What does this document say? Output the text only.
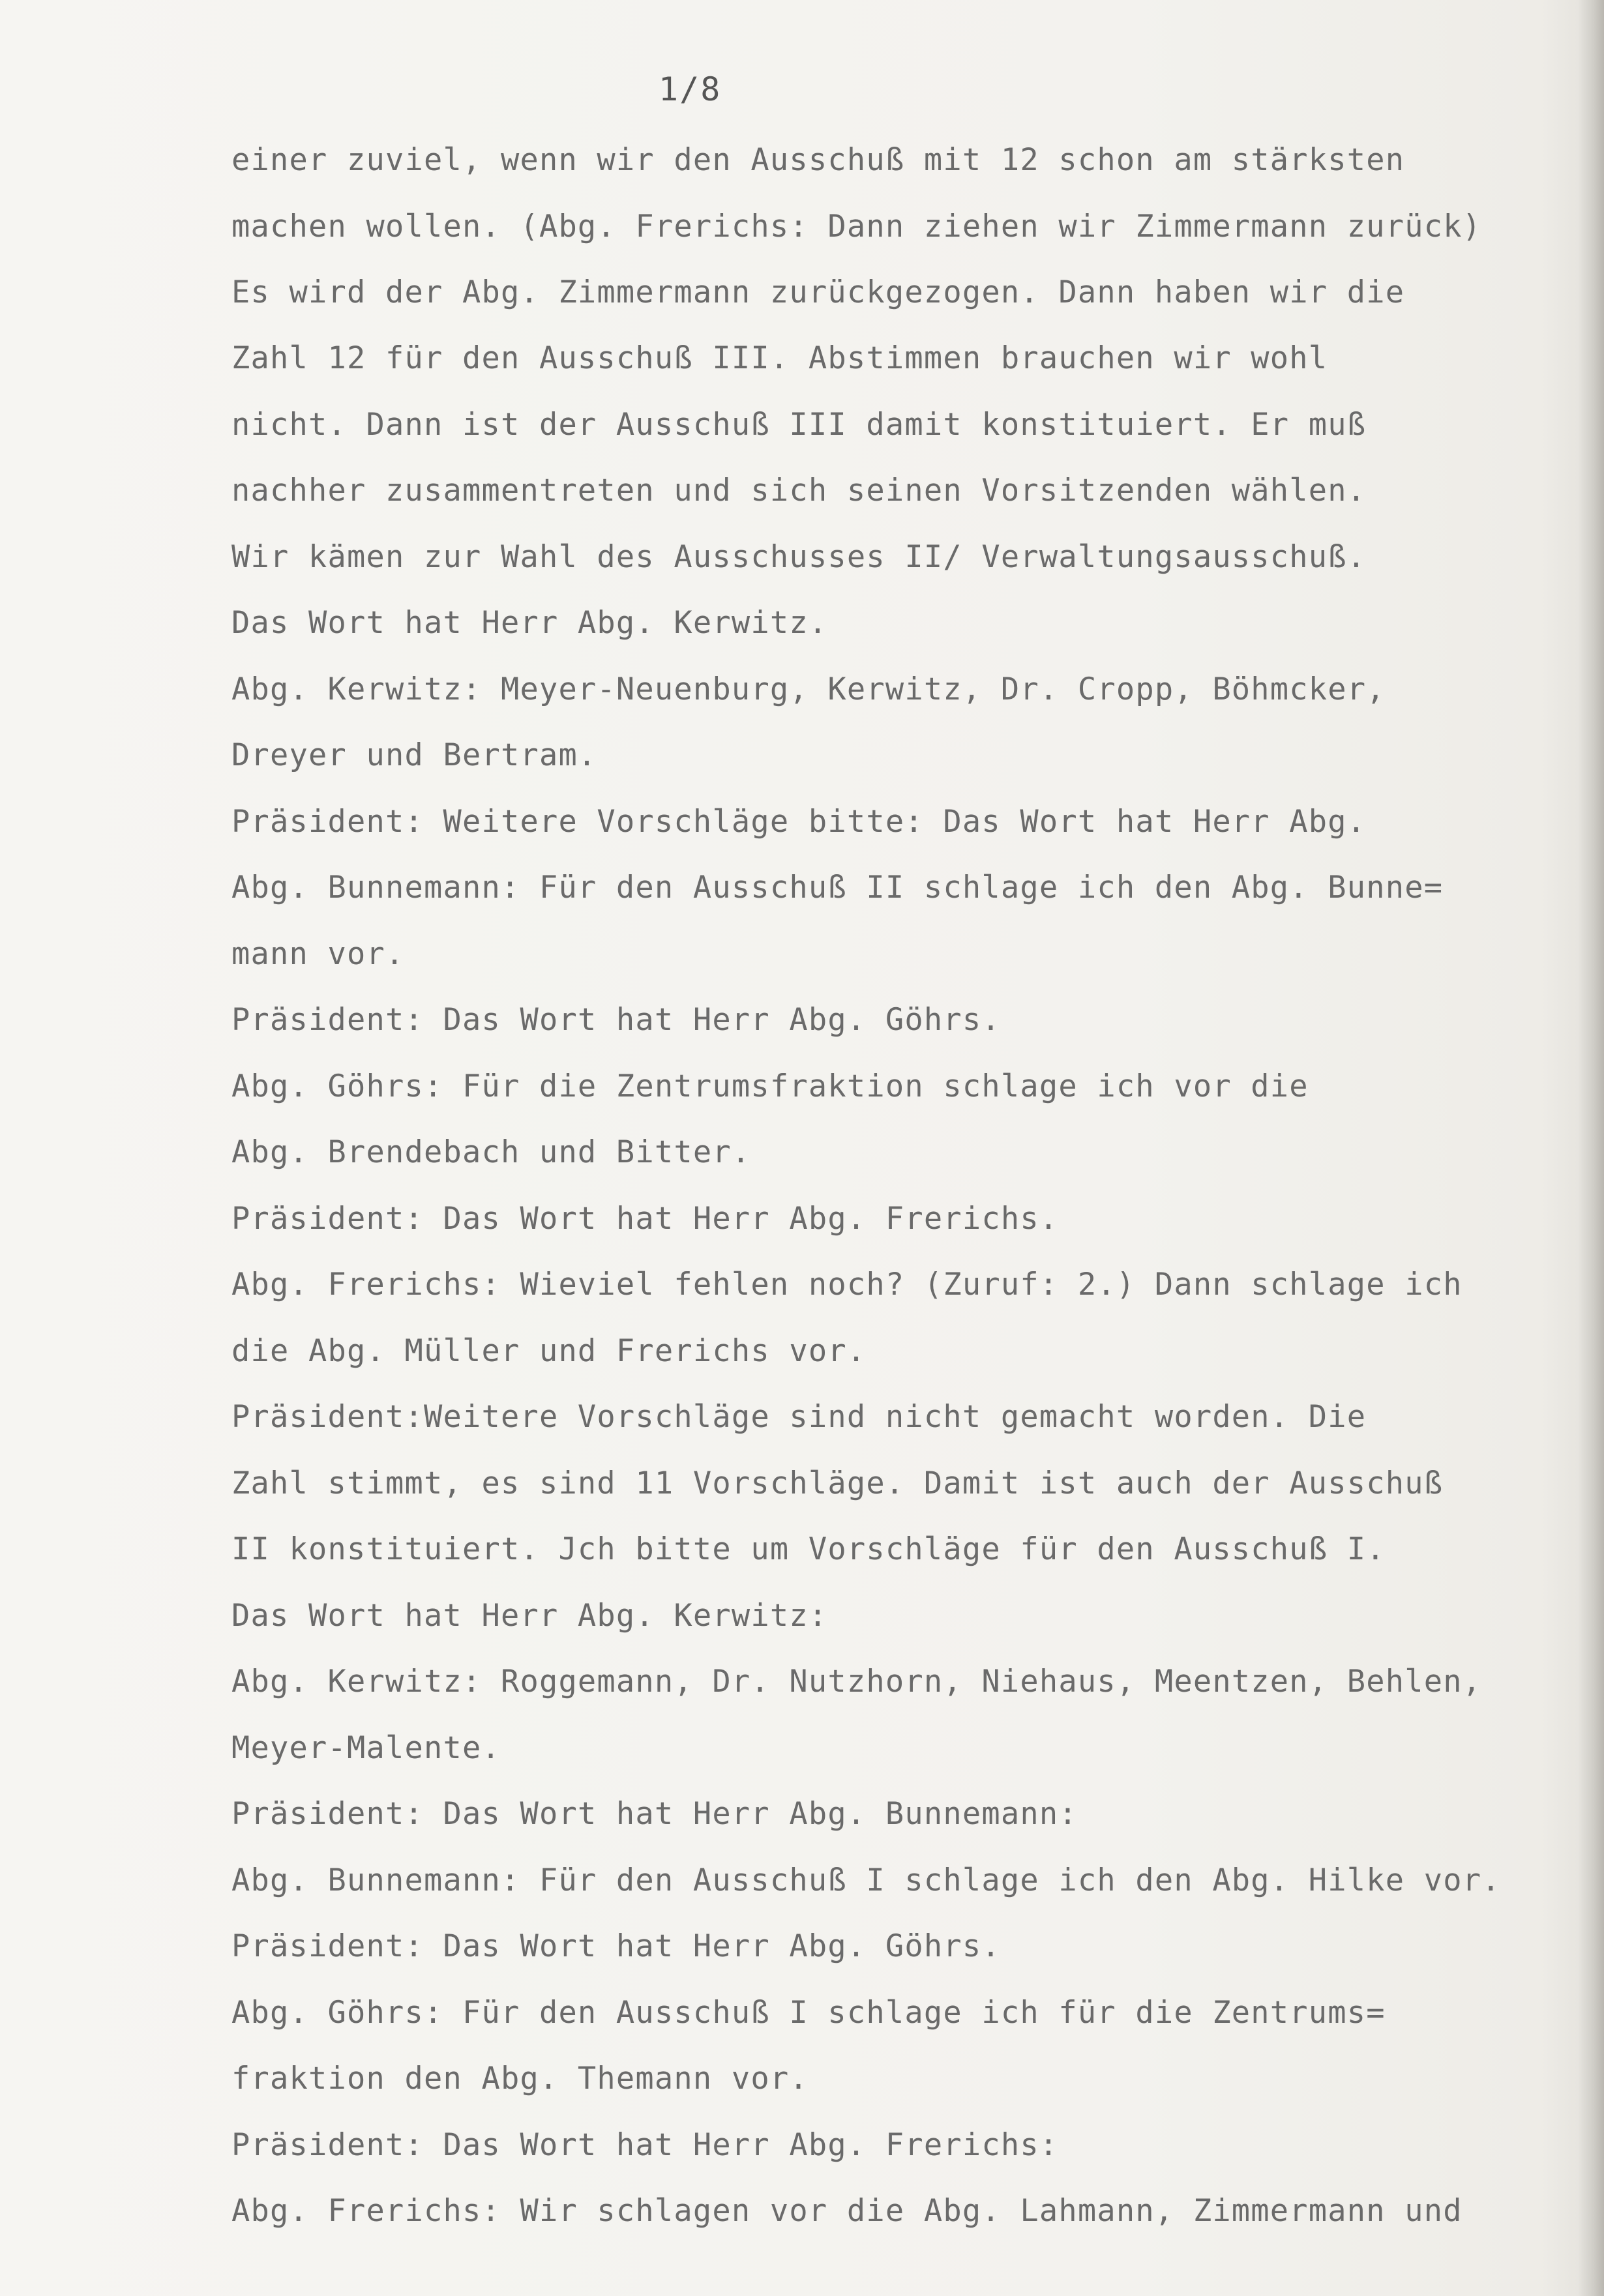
1/8
einer zuviel, wenn wir den Ausschuß mit 12 schon am stärksten
machen wollen. (Abg. Frerichs: Dann ziehen wir Zimmermann zurück)
Es wird der Abg. Zimmermann zurückgezogen. Dann haben wir die
Zahl 12 für den Ausschuß III. Abstimmen brauchen wir wohl
nicht. Dann ist der Ausschuß III damit konstituiert. Er muß
nachher zusammentreten und sich seinen Vorsitzenden wählen.
Wir kämen zur Wahl des Ausschusses II/ Verwaltungsausschuß.
Das Wort hat Herr Abg. Kerwitz.
Abg. Kerwitz: Meyer-Neuenburg, Kerwitz, Dr. Cropp, Böhmcker,
Dreyer und Bertram.
Präsident: Weitere Vorschläge bitte: Das Wort hat Herr Abg.
Abg. Bunnemann: Für den Ausschuß II schlage ich den Abg. Bunne=
mann vor.
Präsident: Das Wort hat Herr Abg. Göhrs.
Abg. Göhrs: Für die Zentrumsfraktion schlage ich vor die
Abg. Brendebach und Bitter.
Präsident: Das Wort hat Herr Abg. Frerichs.
Abg. Frerichs: Wieviel fehlen noch? (Zuruf: 2.) Dann schlage ich
die Abg. Müller und Frerichs vor.
Präsident:Weitere Vorschläge sind nicht gemacht worden. Die
Zahl stimmt, es sind 11 Vorschläge. Damit ist auch der Ausschuß
II konstituiert. Jch bitte um Vorschläge für den Ausschuß I.
Das Wort hat Herr Abg. Kerwitz:
Abg. Kerwitz: Roggemann, Dr. Nutzhorn, Niehaus, Meentzen, Behlen,
Meyer-Malente.
Präsident: Das Wort hat Herr Abg. Bunnemann:
Abg. Bunnemann: Für den Ausschuß I schlage ich den Abg. Hilke vor.
Präsident: Das Wort hat Herr Abg. Göhrs.
Abg. Göhrs: Für den Ausschuß I schlage ich für die Zentrums=
fraktion den Abg. Themann vor.
Präsident: Das Wort hat Herr Abg. Frerichs:
Abg. Frerichs: Wir schlagen vor die Abg. Lahmann, Zimmermann und
